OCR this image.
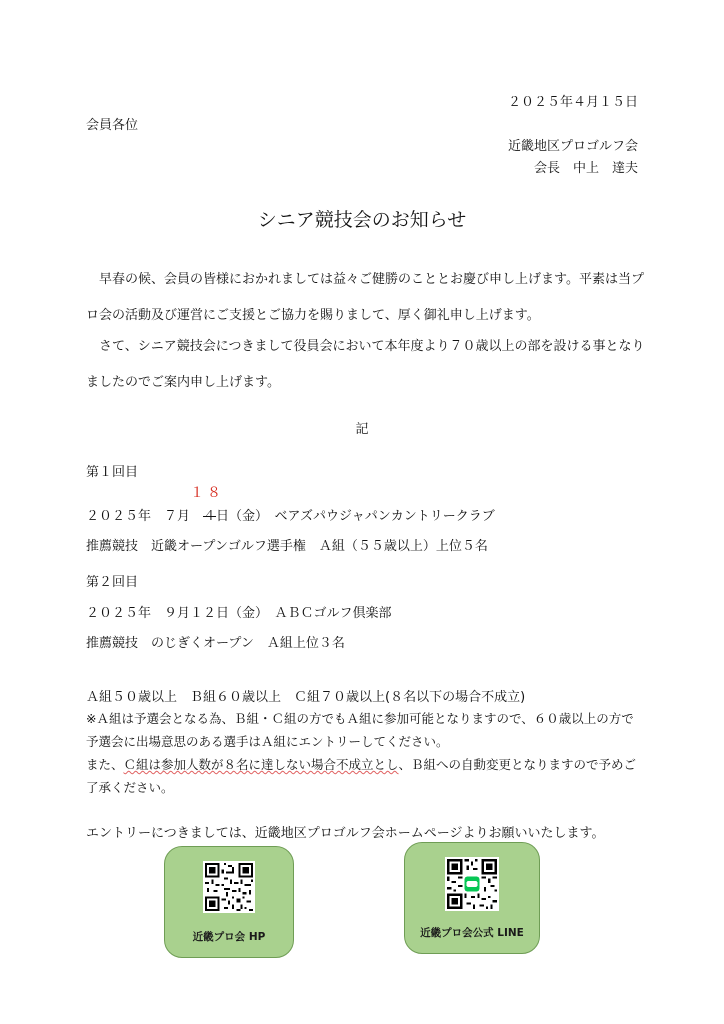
２０２５年４月１５日
会員各位
近畿地区プロゴルフ会
会長　中上　達夫
シニア競技会のお知らせ
早春の候、会員の皆様におかれましては益々ご健勝のこととお慶び申し上げます。平素は当プロ会の活動及び運営にご支援とご協力を賜りまして、厚く御礼申し上げます。
さて、シニア競技会につきまして役員会において本年度より７０歳以上の部を設ける事となりましたのでご案内申し上げます。
記
第１回目
１８
２０２５年　７月　４日（金）　ベアズパウジャパンカントリークラブ
推薦競技　近畿オープンゴルフ選手権　Ａ組（５５歳以上）上位５名
第２回目
２０２５年　９月１２日（金）　ＡＢＣゴルフ倶楽部
推薦競技　のじぎくオープン　Ａ組上位３名
Ａ組５０歳以上　Ｂ組６０歳以上　Ｃ組７０歳以上(８名以下の場合不成立)
※Ａ組は予選会となる為、Ｂ組・Ｃ組の方でもＡ組に参加可能となりますので、６０歳以上の方で予選会に出場意思のある選手はＡ組にエントリーしてください。
また、Ｃ組は参加人数が８名に達しない場合不成立とし、Ｂ組への自動変更となりますので予めご了承ください。
エントリーにつきましては、近畿地区プロゴルフ会ホームページよりお願いいたします。
近畿プロ会 HP	近畿プロ会公式 LINE
